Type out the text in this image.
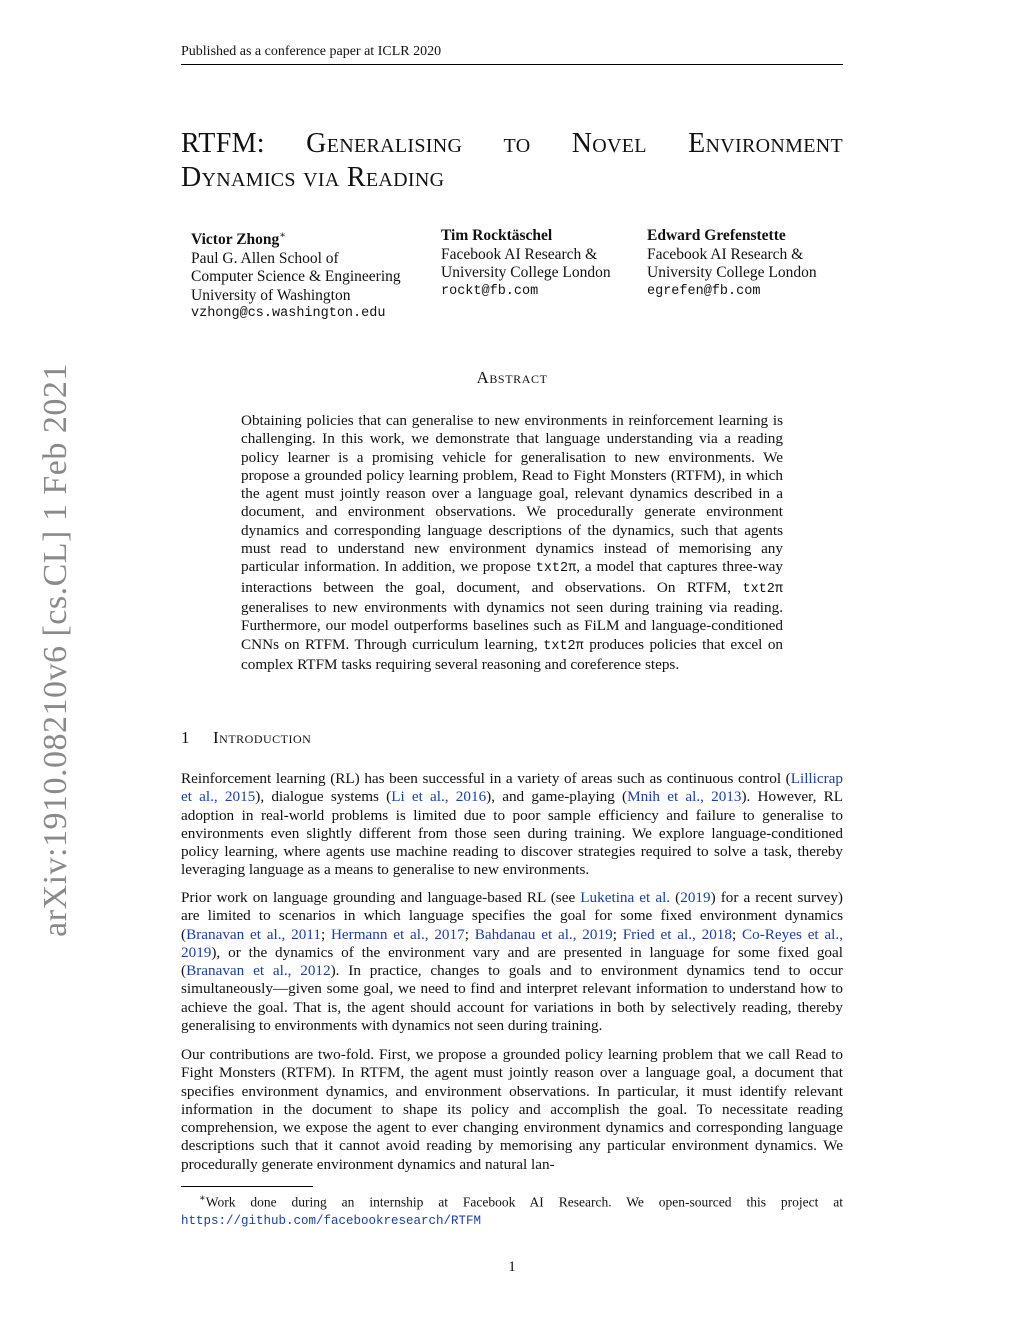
Published as a conference paper at ICLR 2020
arXiv:1910.08210v6 [cs.CL] 1 Feb 2021
RTFM: Generalising to Novel Environment
Dynamics via Reading
Victor Zhong∗
Paul G. Allen School of
Computer Science & Engineering
University of Washington
vzhong@cs.washington.edu
Tim Rocktäschel
Facebook AI Research &
University College London
rockt@fb.com
Edward Grefenstette
Facebook AI Research &
University College London
egrefen@fb.com
Abstract

Obtaining policies that can generalise to new environments in reinforcement learning is challenging. In this work, we demonstrate that language understanding via a reading policy learner is a promising vehicle for generalisation to new environments. We propose a grounded policy learning problem, Read to Fight Monsters (RTFM), in which the agent must jointly reason over a language goal, relevant dynamics described in a document, and environment observations. We procedurally generate environment dynamics and corresponding language descriptions of the dynamics, such that agents must read to understand new environment dynamics instead of memorising any particular information. In addition, we propose txt2π, a model that captures three-way interactions between the goal, document, and observations. On RTFM, txt2π generalises to new environments with dynamics not seen during training via reading. Furthermore, our model outperforms baselines such as FiLM and language-conditioned CNNs on RTFM. Through curriculum learning, txt2π produces policies that excel on complex RTFM tasks requiring several reasoning and coreference steps.

1 Introduction

Reinforcement learning (RL) has been successful in a variety of areas such as continuous control (Lillicrap et al., 2015), dialogue systems (Li et al., 2016), and game-playing (Mnih et al., 2013). However, RL adoption in real-world problems is limited due to poor sample efficiency and failure to generalise to environments even slightly different from those seen during training. We explore language-conditioned policy learning, where agents use machine reading to discover strategies required to solve a task, thereby leveraging language as a means to generalise to new environments.

Prior work on language grounding and language-based RL (see Luketina et al. (2019) for a recent survey) are limited to scenarios in which language specifies the goal for some fixed environment dynamics (Branavan et al., 2011; Hermann et al., 2017; Bahdanau et al., 2019; Fried et al., 2018; Co-Reyes et al., 2019), or the dynamics of the environment vary and are presented in language for some fixed goal (Branavan et al., 2012). In practice, changes to goals and to environment dynamics tend to occur simultaneously—given some goal, we need to find and interpret relevant information to understand how to achieve the goal. That is, the agent should account for variations in both by selectively reading, thereby generalising to environments with dynamics not seen during training.

Our contributions are two-fold. First, we propose a grounded policy learning problem that we call Read to Fight Monsters (RTFM). In RTFM, the agent must jointly reason over a language goal, a document that specifies environment dynamics, and environment observations. In particular, it must identify relevant information in the document to shape its policy and accomplish the goal. To necessitate reading comprehension, we expose the agent to ever changing environment dynamics and corresponding language descriptions such that it cannot avoid reading by memorising any particular environment dynamics. We procedurally generate environment dynamics and natural lan-

∗Work done during an internship at Facebook AI Research. We open-sourced this project at https://github.com/facebookresearch/RTFM

1
